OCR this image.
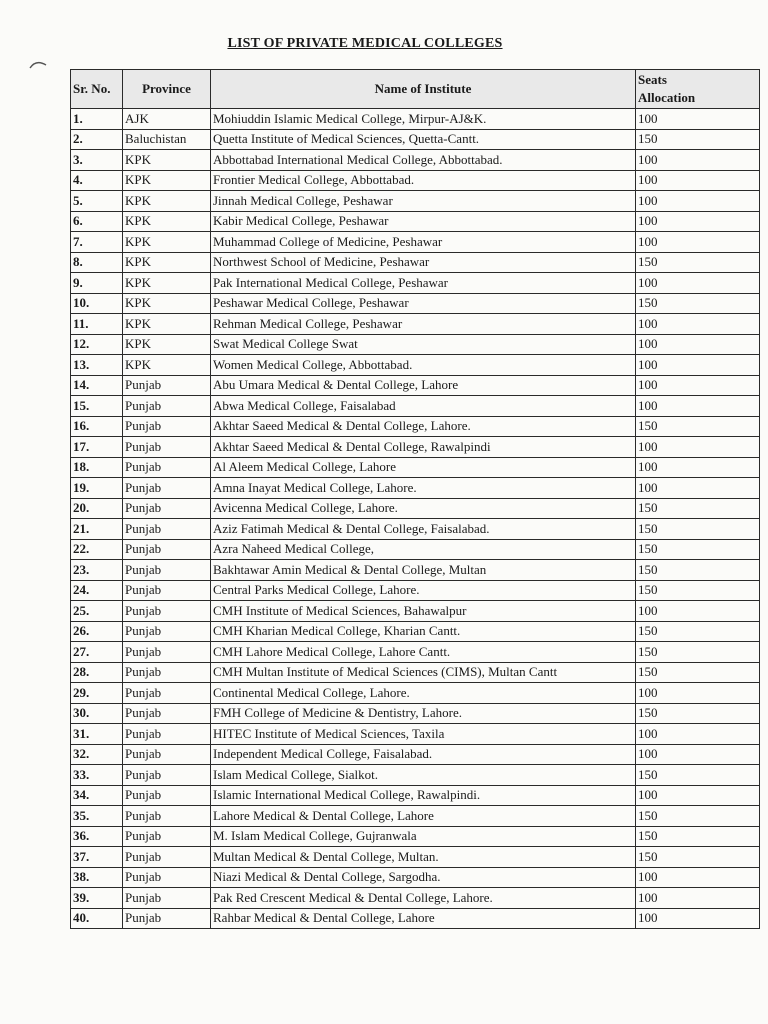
LIST OF PRIVATE MEDICAL COLLEGES
Sr. No.	Province	Name of Institute	Seats
Allocation
1.	AJK	Mohiuddin Islamic Medical College, Mirpur-AJ&K.	100
2.	Baluchistan	Quetta Institute of Medical Sciences, Quetta-Cantt.	150
3.	KPK	Abbottabad International Medical College, Abbottabad.	100
4.	KPK	Frontier Medical College, Abbottabad.	100
5.	KPK	Jinnah Medical College, Peshawar	100
6.	KPK	Kabir Medical College, Peshawar	100
7.	KPK	Muhammad College of Medicine, Peshawar	100
8.	KPK	Northwest School of Medicine, Peshawar	150
9.	KPK	Pak International Medical College, Peshawar	100
10.	KPK	Peshawar Medical College, Peshawar	150
11.	KPK	Rehman Medical College, Peshawar	100
12.	KPK	Swat Medical College Swat	100
13.	KPK	Women Medical College, Abbottabad.	100
14.	Punjab	Abu Umara Medical & Dental College, Lahore	100
15.	Punjab	Abwa Medical College, Faisalabad	100
16.	Punjab	Akhtar Saeed Medical & Dental College, Lahore.	150
17.	Punjab	Akhtar Saeed Medical & Dental College, Rawalpindi	100
18.	Punjab	Al Aleem Medical College, Lahore	100
19.	Punjab	Amna Inayat Medical College, Lahore.	100
20.	Punjab	Avicenna Medical College, Lahore.	150
21.	Punjab	Aziz Fatimah Medical & Dental College, Faisalabad.	150
22.	Punjab	Azra Naheed Medical College,	150
23.	Punjab	Bakhtawar Amin Medical & Dental College, Multan	150
24.	Punjab	Central Parks Medical College, Lahore.	150
25.	Punjab	CMH Institute of Medical Sciences, Bahawalpur	100
26.	Punjab	CMH Kharian Medical College, Kharian Cantt.	150
27.	Punjab	CMH Lahore Medical College, Lahore Cantt.	150
28.	Punjab	CMH Multan Institute of Medical Sciences (CIMS), Multan Cantt	150
29.	Punjab	Continental Medical College, Lahore.	100
30.	Punjab	FMH College of Medicine & Dentistry, Lahore.	150
31.	Punjab	HITEC Institute of Medical Sciences, Taxila	100
32.	Punjab	Independent Medical College, Faisalabad.	100
33.	Punjab	Islam Medical College, Sialkot.	150
34.	Punjab	Islamic International Medical College, Rawalpindi.	100
35.	Punjab	Lahore Medical & Dental College, Lahore	150
36.	Punjab	M. Islam Medical College, Gujranwala	150
37.	Punjab	Multan Medical & Dental College, Multan.	150
38.	Punjab	Niazi Medical & Dental College, Sargodha.	100
39.	Punjab	Pak Red Crescent Medical & Dental College, Lahore.	100
40.	Punjab	Rahbar Medical & Dental College, Lahore	100
